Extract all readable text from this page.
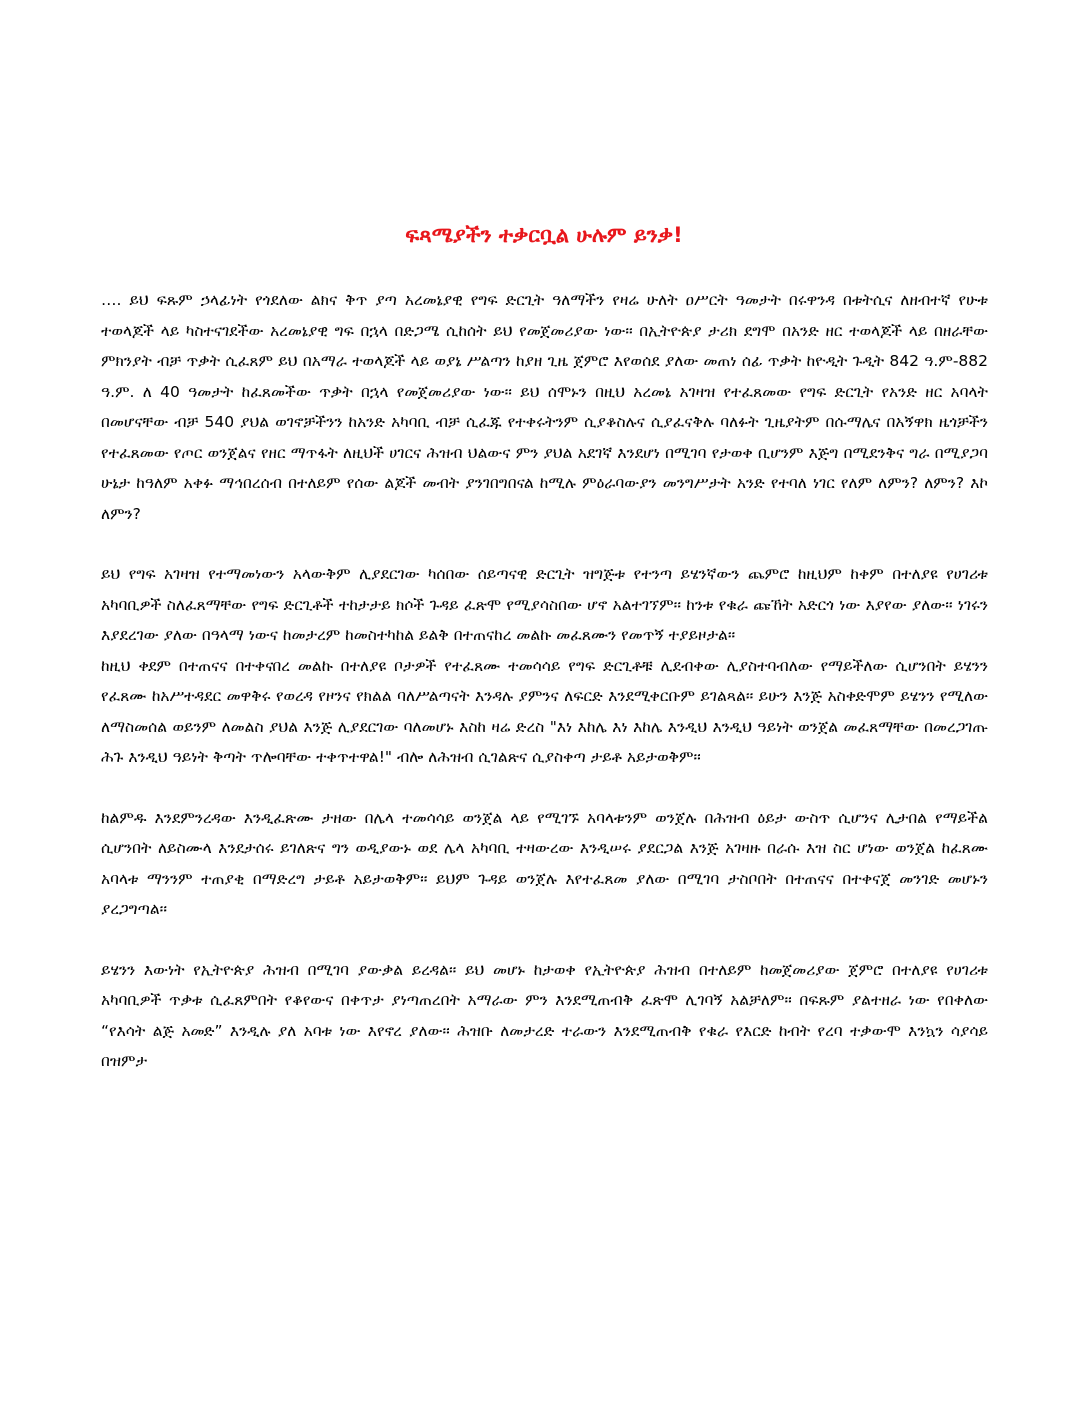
ፍጻሜያችን ተቃርቧል ሁሉም ይንቃ!

…. ይህ ፍጹም ኃላፊነት የጎደለው ልክና ቅጥ ያጣ አረመኔያዊ የግፍ ድርጊት ዓለማችን የዛሬ ሁለት ዐሥርት ዓመታት በሩዋንዳ በቱትሲና ለዘብተኛ የሁቱ ተወላጆች ላይ ካስተናገደችው አረመኔያዊ ግፍ በኋላ በድጋሜ ሲከሰት ይህ የመጀመሪያው ነው፡፡ በኢትዮጵያ ታሪክ ደግሞ በአንድ ዘር ተወላጆች ላይ በዘራቸው ምክንያት ብቻ ጥቃት ሲፈጸም ይህ በአማራ ተወላጆች ላይ ወያኔ ሥልጣን ከያዘ ጊዜ ጀምሮ እየወሰደ ያለው መጠነ ሰፊ ጥቃት ከዮዲት ጉዲት 842 ዓ.ም-882 ዓ.ም. ለ 40 ዓመታት ከፈጸመችው ጥቃት በኋላ የመጀመሪያው ነው፡፡ ይህ ሰሞኑን በዚህ አረመኔ አገዛዝ የተፈጸመው የግፍ ድርጊት የአንድ ዘር አባላት በመሆናቸው ብቻ 540 ያህል ወገኖቻችንን ከአንድ አካባቢ ብቻ ሲፈጁ የተቀሩትንም ሲያቆስሉና ሲያፈናቅሉ ባለፉት ጊዜያትም በሱማሌና በአኝዋክ ዜጎቻችን የተፈጸመው የጦር ወንጀልና የዘር ማጥፋት ለዚህች ሀገርና ሕዝብ ህልውና ምን ያህል አደገኛ እንደሆነ በሚገባ የታወቀ ቢሆንም እጅግ በሚደንቅና ግራ በሚያጋባ ሁኔታ ከዓለም አቀፉ ማኅበረሰብ በተለይም የሰው ልጆች መብት ያንገበግበናል ከሚሉ ምዕራባውያን መንግሥታት አንድ የተባለ ነገር የለም ለምን? ለምን? እኮ ለምን?

ይህ የግፍ አገዛዝ የተማመነውን አላውቅም ሊያደርገው ካሰበው ሰይጣናዊ ድርጊት ዝግጅቱ የተንጣ ይሄንኛውን ጨምሮ ከዚህም ከቀም በተለያዩ የሀገሪቱ አካባቢዎች ስለፈጸማቸው የግፍ ድርጊቶች ተከታታይ ክሶች ጉዳይ ፈጽሞ የሚያሳስበው ሆኖ አልተገኘም፡፡ ከንቱ የቁራ ጩኸት አድርጎ ነው እያየው ያለው፡፡ ነገሩን እያደረገው ያለው በዓላማ ነውና ከመታረም ከመስተካከል ይልቅ በተጠናከረ መልኩ መፈጸሙን የመጥኝ ተያይዞታል፡፡

ከዚህ ቀደም በተጠናና በተቀናበረ መልኩ በተለያዩ ቦታዎች የተፈጸሙ ተመሳሳይ የግፍ ድርጊቶቹ ሊደብቀው ሊያስተባብለው የማይችለው ሲሆንበት ይሄንን የፈጸሙ ከአሥተዳደር መዋቅሩ የወረዳ የዞንና የክልል ባለሥልጣናት እንዳሉ ያምንና ለፍርድ እንደሚቀርቡም ይገልጻል፡፡ ይሁን እንጅ አስቀድሞም ይሄንን የሚለው ለማስመሰል ወይንም ለመልስ ያህል እንጅ ሊያደርገው ባለመሆኑ እስከ ዛሬ ድረስ "እነ እከሌ እነ እከሌ እንዲህ እንዲህ ዓይነት ወንጀል መፈጸማቸው በመረጋገጡ ሕጉ እንዲህ ዓይነት ቅጣት ጥሎባቸው ተቀጥተዋል!" ብሎ ለሕዝብ ሲገልጽና ሲያስቀጣ ታይቶ አይታወቅም፡፡

ከልምዱ እንደምንረዳው እንዲፈጽሙ ታዘው በሌላ ተመሳሳይ ወንጀል ላይ የሚገኙ አባላቱንም ወንጀሉ በሕዝብ ዕይታ ውስጥ ሲሆንና ሊታበል የማይችል ሲሆንበት ለይስሙላ እንደታሰሩ ይገለጽና ግን ወዲያውኑ ወደ ሌላ አካባቢ ተዛውረው እንዲሠሩ ያደርጋል እንጅ አገዛዙ በራሱ እዝ ስር ሆነው ወንጀል ከፈጸሙ አባላቱ ማንንም ተጠያቂ በማድረግ ታይቶ አይታወቅም፡፡ ይህም ጉዳይ ወንጀሉ እየተፈጸመ ያለው በሚገባ ታስቦበት በተጠናና በተቀናጀ መንገድ መሆኑን ያረጋግጣል፡፡

ይሄንን እውነት የኢትዮጵያ ሕዝብ በሚገባ ያውቃል ይረዳል፡፡ ይህ መሆኑ ከታወቀ የኢትዮጵያ ሕዝብ በተለይም ከመጀመሪያው ጀምሮ በተለያዩ የሀገሪቱ አካባቢዎች ጥቃቱ ሲፈጸምበት የቆየውና በቀጥታ ያነጣጠረበት አማራው ምን እንደሚጠብቅ ፈጽሞ ሊገባኝ አልቻለም፡፡ በፍጹም ያልተዘራ ነው የበቀለው “የእሳት ልጅ አመድ” እንዲሉ ያለ አባቱ ነው እየኖረ ያለው፡፡ ሕዝቡ ለመታረድ ተራውን እንደሚጠብቅ የቁራ የእርድ ከብት የረባ ተቃውሞ እንኳን ሳያሳይ በዝምታ
